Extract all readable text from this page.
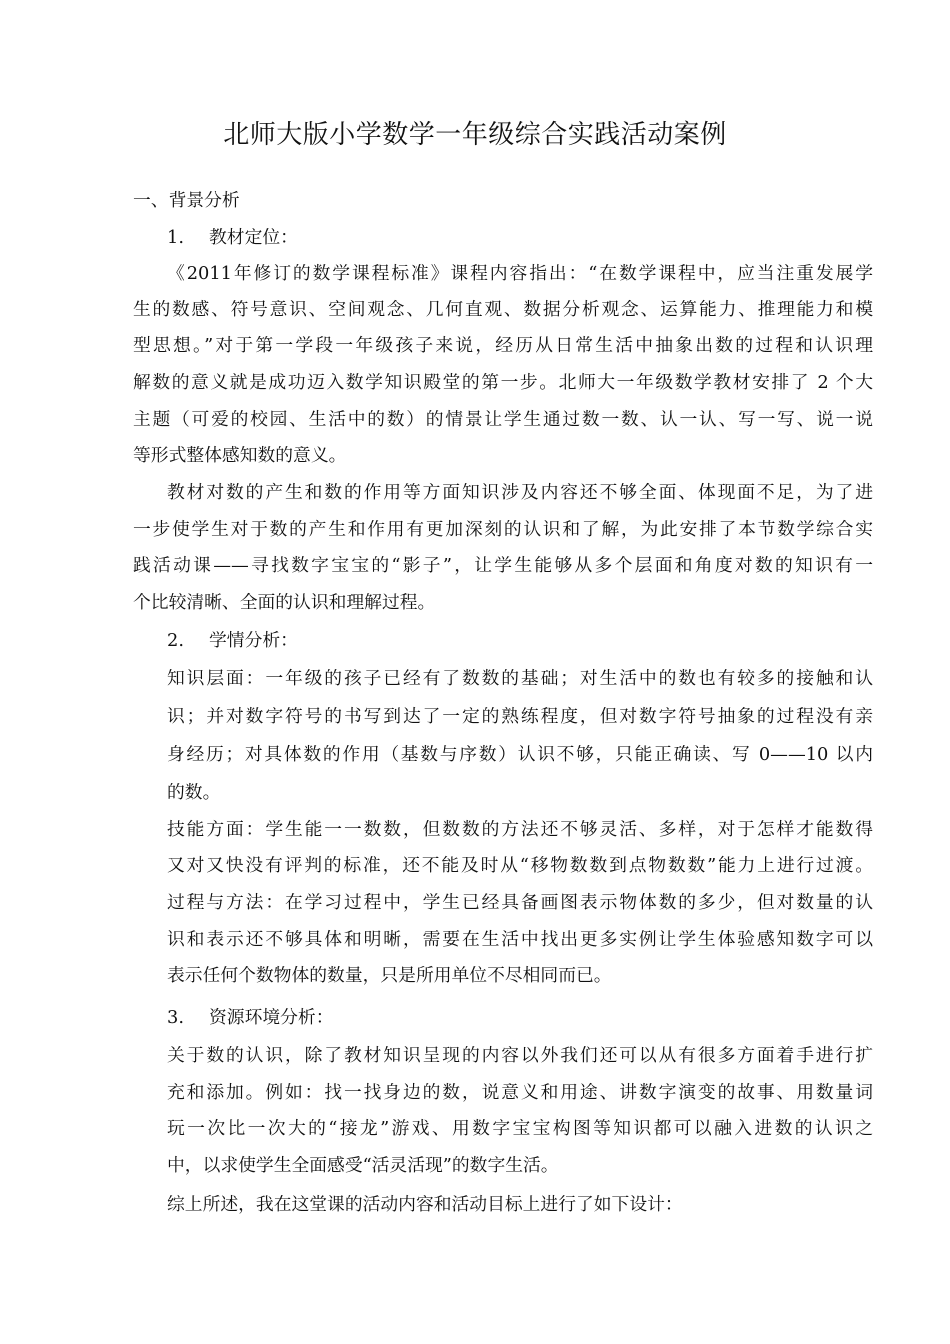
北师大版小学数学一年级综合实践活动案例
一、背景分析
1. 教材定位：
《2011年修订的数学课程标准》课程内容指出：“在数学课程中，应当注重发展学
生的数感、符号意识、空间观念、几何直观、数据分析观念、运算能力、推理能力和模
型思想。”对于第一学段一年级孩子来说，经历从日常生活中抽象出数的过程和认识理
解数的意义就是成功迈入数学知识殿堂的第一步。北师大一年级数学教材安排了 2 个大
主题（可爱的校园、生活中的数）的情景让学生通过数一数、认一认、写一写、说一说
等形式整体感知数的意义。
教材对数的产生和数的作用等方面知识涉及内容还不够全面、体现面不足，为了进
一步使学生对于数的产生和作用有更加深刻的认识和了解，为此安排了本节数学综合实
践活动课——寻找数字宝宝的“影子”，让学生能够从多个层面和角度对数的知识有一
个比较清晰、全面的认识和理解过程。
2. 学情分析：
知识层面：一年级的孩子已经有了数数的基础；对生活中的数也有较多的接触和认
识；并对数字符号的书写到达了一定的熟练程度，但对数字符号抽象的过程没有亲
身经历；对具体数的作用（基数与序数）认识不够，只能正确读、写 0——10 以内
的数。
技能方面：学生能一一数数，但数数的方法还不够灵活、多样，对于怎样才能数得
又对又快没有评判的标准，还不能及时从“移物数数到点物数数”能力上进行过渡。
过程与方法：在学习过程中，学生已经具备画图表示物体数的多少，但对数量的认
识和表示还不够具体和明晰，需要在生活中找出更多实例让学生体验感知数字可以
表示任何个数物体的数量，只是所用单位不尽相同而已。
3. 资源环境分析：
关于数的认识，除了教材知识呈现的内容以外我们还可以从有很多方面着手进行扩
充和添加。例如：找一找身边的数，说意义和用途、讲数字演变的故事、用数量词
玩一次比一次大的“接龙”游戏、用数字宝宝构图等知识都可以融入进数的认识之
中，以求使学生全面感受“活灵活现”的数字生活。
综上所述，我在这堂课的活动内容和活动目标上进行了如下设计：
